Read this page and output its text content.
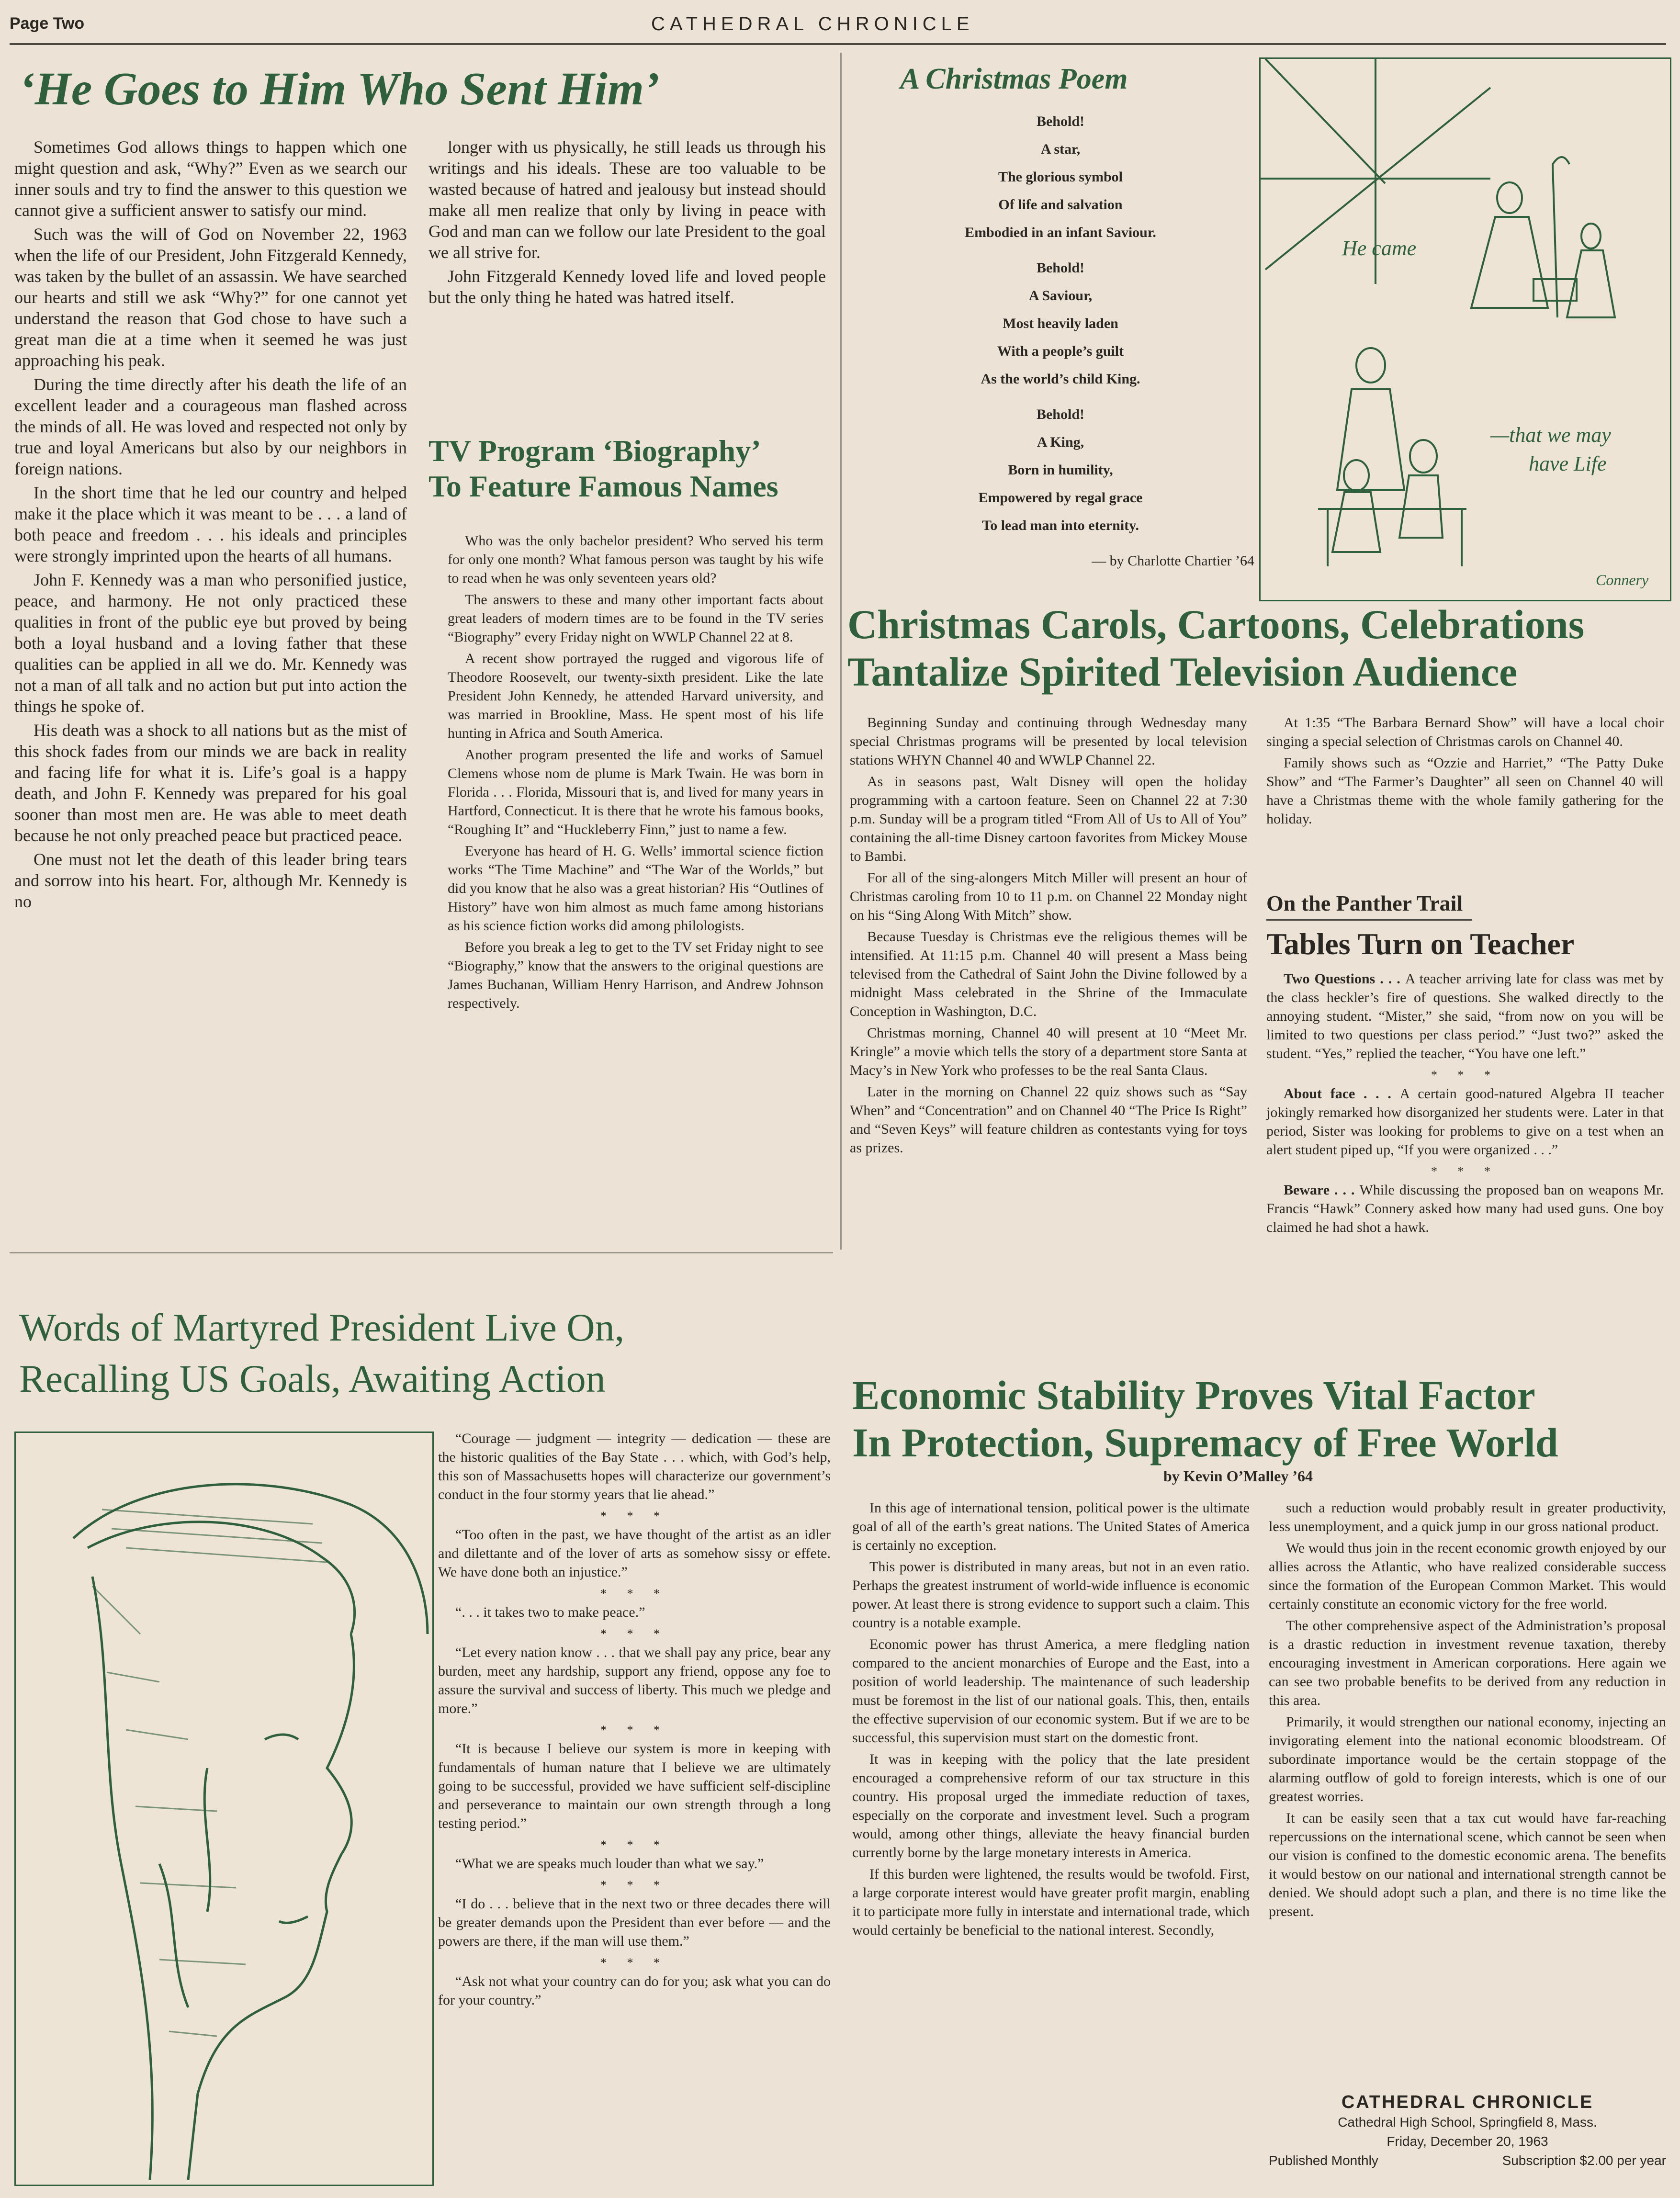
Page Two	CATHEDRAL CHRONICLE
‘He Goes to Him Who Sent Him’

Sometimes God allows things to happen which one might question and ask, “Why?” Even as we search our inner souls and try to find the answer to this question we cannot give a sufficient answer to satisfy our mind.

Such was the will of God on November 22, 1963 when the life of our President, John Fitzgerald Kennedy, was taken by the bullet of an assassin. We have searched our hearts and still we ask “Why?” for one cannot yet understand the reason that God chose to have such a great man die at a time when it seemed he was just approaching his peak.

During the time directly after his death the life of an excellent leader and a courageous man flashed across the minds of all. He was loved and respected not only by true and loyal Americans but also by our neighbors in foreign nations.

In the short time that he led our country and helped make it the place which it was meant to be . . . a land of both peace and freedom . . . his ideals and principles were strongly imprinted upon the hearts of all humans.

John F. Kennedy was a man who personified justice, peace, and harmony. He not only practiced these qualities in front of the public eye but proved by being both a loyal husband and a loving father that these qualities can be applied in all we do. Mr. Kennedy was not a man of all talk and no action but put into action the things he spoke of.

His death was a shock to all nations but as the mist of this shock fades from our minds we are back in reality and facing life for what it is. Life’s goal is a happy death, and John F. Kennedy was prepared for his goal sooner than most men are. He was able to meet death because he not only preached peace but practiced peace.

One must not let the death of this leader bring tears and sorrow into his heart. For, although Mr. Kennedy is no

longer with us physically, he still leads us through his writings and his ideals. These are too valuable to be wasted because of hatred and jealousy but instead should make all men realize that only by living in peace with God and man can we follow our late President to the goal we all strive for.

John Fitzgerald Kennedy loved life and loved people but the only thing he hated was hatred itself.

TV Program ‘Biography’
To Feature Famous Names

Who was the only bachelor president? Who served his term for only one month? What famous person was taught by his wife to read when he was only seventeen years old?

The answers to these and many other important facts about great leaders of modern times are to be found in the TV series “Biography” every Friday night on WWLP Channel 22 at 8.

A recent show portrayed the rugged and vigorous life of Theodore Roosevelt, our twenty-sixth president. Like the late President John Kennedy, he attended Harvard university, and was married in Brookline, Mass. He spent most of his life hunting in Africa and South America.

Another program presented the life and works of Samuel Clemens whose nom de plume is Mark Twain. He was born in Florida . . . Florida, Missouri that is, and lived for many years in Hartford, Connecticut. It is there that he wrote his famous books, “Roughing It” and “Huckleberry Finn,” just to name a few.

Everyone has heard of H. G. Wells’ immortal science fiction works “The Time Machine” and “The War of the Worlds,” but did you know that he also was a great historian? His “Outlines of History” have won him almost as much fame among historians as his science fiction works did among philologists.

Before you break a leg to get to the TV set Friday night to see “Biography,” know that the answers to the original questions are James Buchanan, William Henry Harrison, and Andrew Johnson respectively.

A Christmas Poem
Behold!
A star,
The glorious symbol
Of life and salvation
Embodied in an infant Saviour.
Behold!
A Saviour,
Most heavily laden
With a people’s guilt
As the world’s child King.
Behold!
A King,
Born in humility,
Empowered by regal grace
To lead man into eternity.
— by Charlotte Chartier ’64
He came
—that we may
have Life
Connery
Christmas Carols, Cartoons, Celebrations
Tantalize Spirited Television Audience

Beginning Sunday and continuing through Wednesday many special Christmas programs will be presented by local television stations WHYN Channel 40 and WWLP Channel 22.

As in seasons past, Walt Disney will open the holiday programming with a cartoon feature. Seen on Channel 22 at 7:30 p.m. Sunday will be a program titled “From All of Us to All of You” containing the all-time Disney cartoon favorites from Mickey Mouse to Bambi.

For all of the sing-alongers Mitch Miller will present an hour of Christmas caroling from 10 to 11 p.m. on Channel 22 Monday night on his “Sing Along With Mitch” show.

Because Tuesday is Christmas eve the religious themes will be intensified. At 11:15 p.m. Channel 40 will present a Mass being televised from the Cathedral of Saint John the Divine followed by a midnight Mass celebrated in the Shrine of the Immaculate Conception in Washington, D.C.

Christmas morning, Channel 40 will present at 10 “Meet Mr. Kringle” a movie which tells the story of a department store Santa at Macy’s in New York who professes to be the real Santa Claus.

Later in the morning on Channel 22 quiz shows such as “Say When” and “Concentration” and on Channel 40 “The Price Is Right” and “Seven Keys” will feature children as contestants vying for toys as prizes.

At 1:35 “The Barbara Bernard Show” will have a local choir singing a special selection of Christmas carols on Channel 40.

Family shows such as “Ozzie and Harriet,” “The Patty Duke Show” and “The Farmer’s Daughter” all seen on Channel 40 will have a Christmas theme with the whole family gathering for the holiday.

On the Panther Trail
Tables Turn on Teacher

Two Questions . . . A teacher arriving late for class was met by the class heckler’s fire of questions. She walked directly to the annoying student. “Mister,” she said, “from now on you will be limited to two questions per class period.” “Just two?” asked the student. “Yes,” replied the teacher, “You have one left.”

* * *

About face . . . A certain good-natured Algebra II teacher jokingly remarked how disorganized her students were. Later in that period, Sister was looking for problems to give on a test when an alert student piped up, “If you were organized . . .”

* * *

Beware . . . While discussing the proposed ban on weapons Mr. Francis “Hawk” Connery asked how many had used guns. One boy claimed he had shot a hawk.

Words of Martyred President Live On,
Recalling US Goals, Awaiting Action

“Courage — judgment — integrity — dedication — these are the historic qualities of the Bay State . . . which, with God’s help, this son of Massachusetts hopes will characterize our government’s conduct in the four stormy years that lie ahead.”

* * *

“Too often in the past, we have thought of the artist as an idler and dilettante and of the lover of arts as somehow sissy or effete. We have done both an injustice.”

* * *

“. . . it takes two to make peace.”

* * *

“Let every nation know . . . that we shall pay any price, bear any burden, meet any hardship, support any friend, oppose any foe to assure the survival and success of liberty. This much we pledge and more.”

* * *

“It is because I believe our system is more in keeping with fundamentals of human nature that I believe we are ultimately going to be successful, provided we have sufficient self-discipline and perseverance to maintain our own strength through a long testing period.”

* * *

“What we are speaks much louder than what we say.”

* * *

“I do . . . believe that in the next two or three decades there will be greater demands upon the President than ever before — and the powers are there, if the man will use them.”

* * *

“Ask not what your country can do for you; ask what you can do for your country.”

Economic Stability Proves Vital Factor
In Protection, Supremacy of Free World
by Kevin O’Malley ’64

In this age of international tension, political power is the ultimate goal of all of the earth’s great nations. The United States of America is certainly no exception.

This power is distributed in many areas, but not in an even ratio. Perhaps the greatest instrument of world-wide influence is economic power. At least there is strong evidence to support such a claim. This country is a notable example.

Economic power has thrust America, a mere fledgling nation compared to the ancient monarchies of Europe and the East, into a position of world leadership. The maintenance of such leadership must be foremost in the list of our national goals. This, then, entails the effective supervision of our economic system. But if we are to be successful, this supervision must start on the domestic front.

It was in keeping with the policy that the late president encouraged a comprehensive reform of our tax structure in this country. His proposal urged the immediate reduction of taxes, especially on the corporate and investment level. Such a program would, among other things, alleviate the heavy financial burden currently borne by the large monetary interests in America.

If this burden were lightened, the results would be twofold. First, a large corporate interest would have greater profit margin, enabling it to participate more fully in interstate and international trade, which would certainly be beneficial to the national interest. Secondly,

such a reduction would probably result in greater productivity, less unemployment, and a quick jump in our gross national product.

We would thus join in the recent economic growth enjoyed by our allies across the Atlantic, who have realized considerable success since the formation of the European Common Market. This would certainly constitute an economic victory for the free world.

The other comprehensive aspect of the Administration’s proposal is a drastic reduction in investment revenue taxation, thereby encouraging investment in American corporations. Here again we can see two probable benefits to be derived from any reduction in this area.

Primarily, it would strengthen our national economy, injecting an invigorating element into the national economic bloodstream. Of subordinate importance would be the certain stoppage of the alarming outflow of gold to foreign interests, which is one of our greatest worries.

It can be easily seen that a tax cut would have far-reaching repercussions on the international scene, which cannot be seen when our vision is confined to the domestic economic arena. The benefits it would bestow on our national and international strength cannot be denied. We should adopt such a plan, and there is no time like the present.

CATHEDRAL CHRONICLE
Cathedral High School, Springfield 8, Mass.
Friday, December 20, 1963
Published Monthly	Subscription $2.00 per year
